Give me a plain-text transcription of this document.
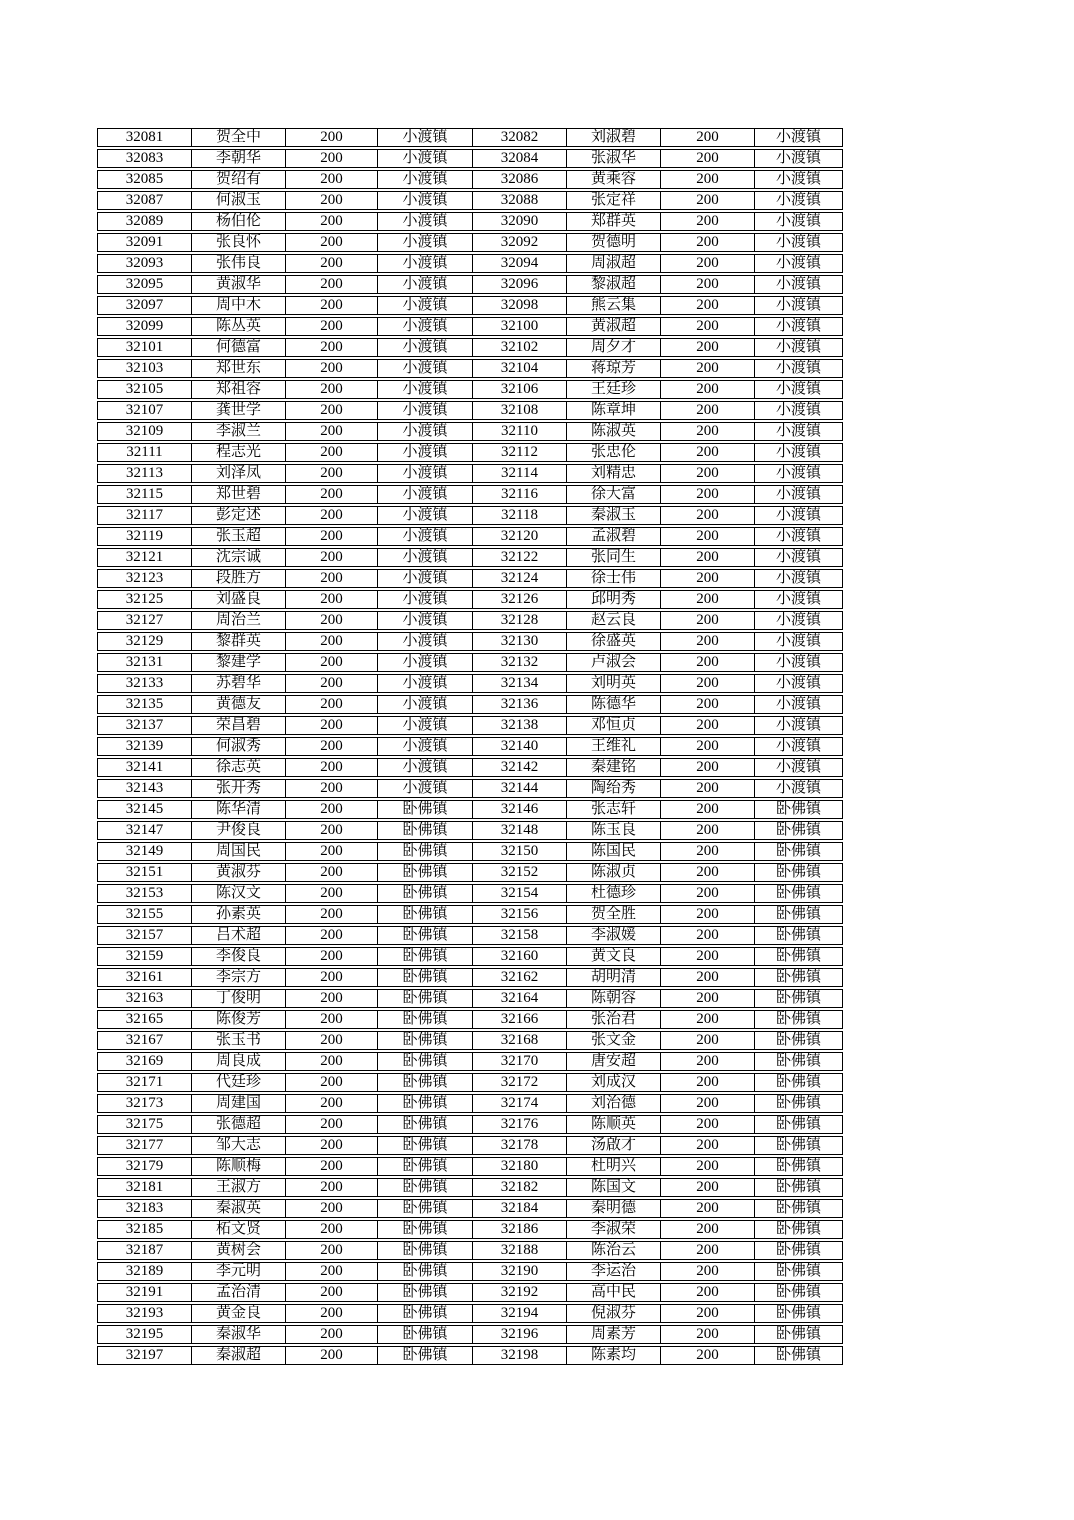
32081	贺全中	200	小渡镇	32082	刘淑碧	200	小渡镇
32083	李朝华	200	小渡镇	32084	张淑华	200	小渡镇
32085	贺绍有	200	小渡镇	32086	黄乘容	200	小渡镇
32087	何淑玉	200	小渡镇	32088	张定祥	200	小渡镇
32089	杨伯伦	200	小渡镇	32090	郑群英	200	小渡镇
32091	张良怀	200	小渡镇	32092	贺德明	200	小渡镇
32093	张伟良	200	小渡镇	32094	周淑超	200	小渡镇
32095	黄淑华	200	小渡镇	32096	黎淑超	200	小渡镇
32097	周中木	200	小渡镇	32098	熊云集	200	小渡镇
32099	陈丛英	200	小渡镇	32100	黄淑超	200	小渡镇
32101	何德富	200	小渡镇	32102	周夕才	200	小渡镇
32103	郑世东	200	小渡镇	32104	蒋琼芳	200	小渡镇
32105	郑祖容	200	小渡镇	32106	王廷珍	200	小渡镇
32107	龚世学	200	小渡镇	32108	陈章坤	200	小渡镇
32109	李淑兰	200	小渡镇	32110	陈淑英	200	小渡镇
32111	程志光	200	小渡镇	32112	张忠伦	200	小渡镇
32113	刘泽凤	200	小渡镇	32114	刘精忠	200	小渡镇
32115	郑世碧	200	小渡镇	32116	徐大富	200	小渡镇
32117	彭定述	200	小渡镇	32118	秦淑玉	200	小渡镇
32119	张玉超	200	小渡镇	32120	孟淑碧	200	小渡镇
32121	沈宗诚	200	小渡镇	32122	张同生	200	小渡镇
32123	段胜方	200	小渡镇	32124	徐士伟	200	小渡镇
32125	刘盛良	200	小渡镇	32126	邱明秀	200	小渡镇
32127	周治兰	200	小渡镇	32128	赵云良	200	小渡镇
32129	黎群英	200	小渡镇	32130	徐盛英	200	小渡镇
32131	黎建学	200	小渡镇	32132	卢淑会	200	小渡镇
32133	苏碧华	200	小渡镇	32134	刘明英	200	小渡镇
32135	黄德友	200	小渡镇	32136	陈德华	200	小渡镇
32137	荣昌碧	200	小渡镇	32138	邓恒贞	200	小渡镇
32139	何淑秀	200	小渡镇	32140	王维礼	200	小渡镇
32141	徐志英	200	小渡镇	32142	秦建铭	200	小渡镇
32143	张开秀	200	小渡镇	32144	陶绐秀	200	小渡镇
32145	陈华清	200	卧佛镇	32146	张志轩	200	卧佛镇
32147	尹俊良	200	卧佛镇	32148	陈玉良	200	卧佛镇
32149	周国民	200	卧佛镇	32150	陈国民	200	卧佛镇
32151	黄淑芬	200	卧佛镇	32152	陈淑贞	200	卧佛镇
32153	陈汉文	200	卧佛镇	32154	杜德珍	200	卧佛镇
32155	孙素英	200	卧佛镇	32156	贺全胜	200	卧佛镇
32157	吕术超	200	卧佛镇	32158	李淑媛	200	卧佛镇
32159	李俊良	200	卧佛镇	32160	黄文良	200	卧佛镇
32161	李宗方	200	卧佛镇	32162	胡明清	200	卧佛镇
32163	丁俊明	200	卧佛镇	32164	陈朝容	200	卧佛镇
32165	陈俊芳	200	卧佛镇	32166	张治君	200	卧佛镇
32167	张玉书	200	卧佛镇	32168	张文金	200	卧佛镇
32169	周良成	200	卧佛镇	32170	唐安超	200	卧佛镇
32171	代廷珍	200	卧佛镇	32172	刘成汉	200	卧佛镇
32173	周建国	200	卧佛镇	32174	刘治德	200	卧佛镇
32175	张德超	200	卧佛镇	32176	陈顺英	200	卧佛镇
32177	邹大志	200	卧佛镇	32178	汤啟才	200	卧佛镇
32179	陈顺梅	200	卧佛镇	32180	杜明兴	200	卧佛镇
32181	王淑方	200	卧佛镇	32182	陈国文	200	卧佛镇
32183	秦淑英	200	卧佛镇	32184	秦明德	200	卧佛镇
32185	柘文贤	200	卧佛镇	32186	李淑荣	200	卧佛镇
32187	黄树会	200	卧佛镇	32188	陈治云	200	卧佛镇
32189	李元明	200	卧佛镇	32190	李运治	200	卧佛镇
32191	孟治清	200	卧佛镇	32192	高中民	200	卧佛镇
32193	黄金良	200	卧佛镇	32194	倪淑芬	200	卧佛镇
32195	秦淑华	200	卧佛镇	32196	周素芳	200	卧佛镇
32197	秦淑超	200	卧佛镇	32198	陈素均	200	卧佛镇
